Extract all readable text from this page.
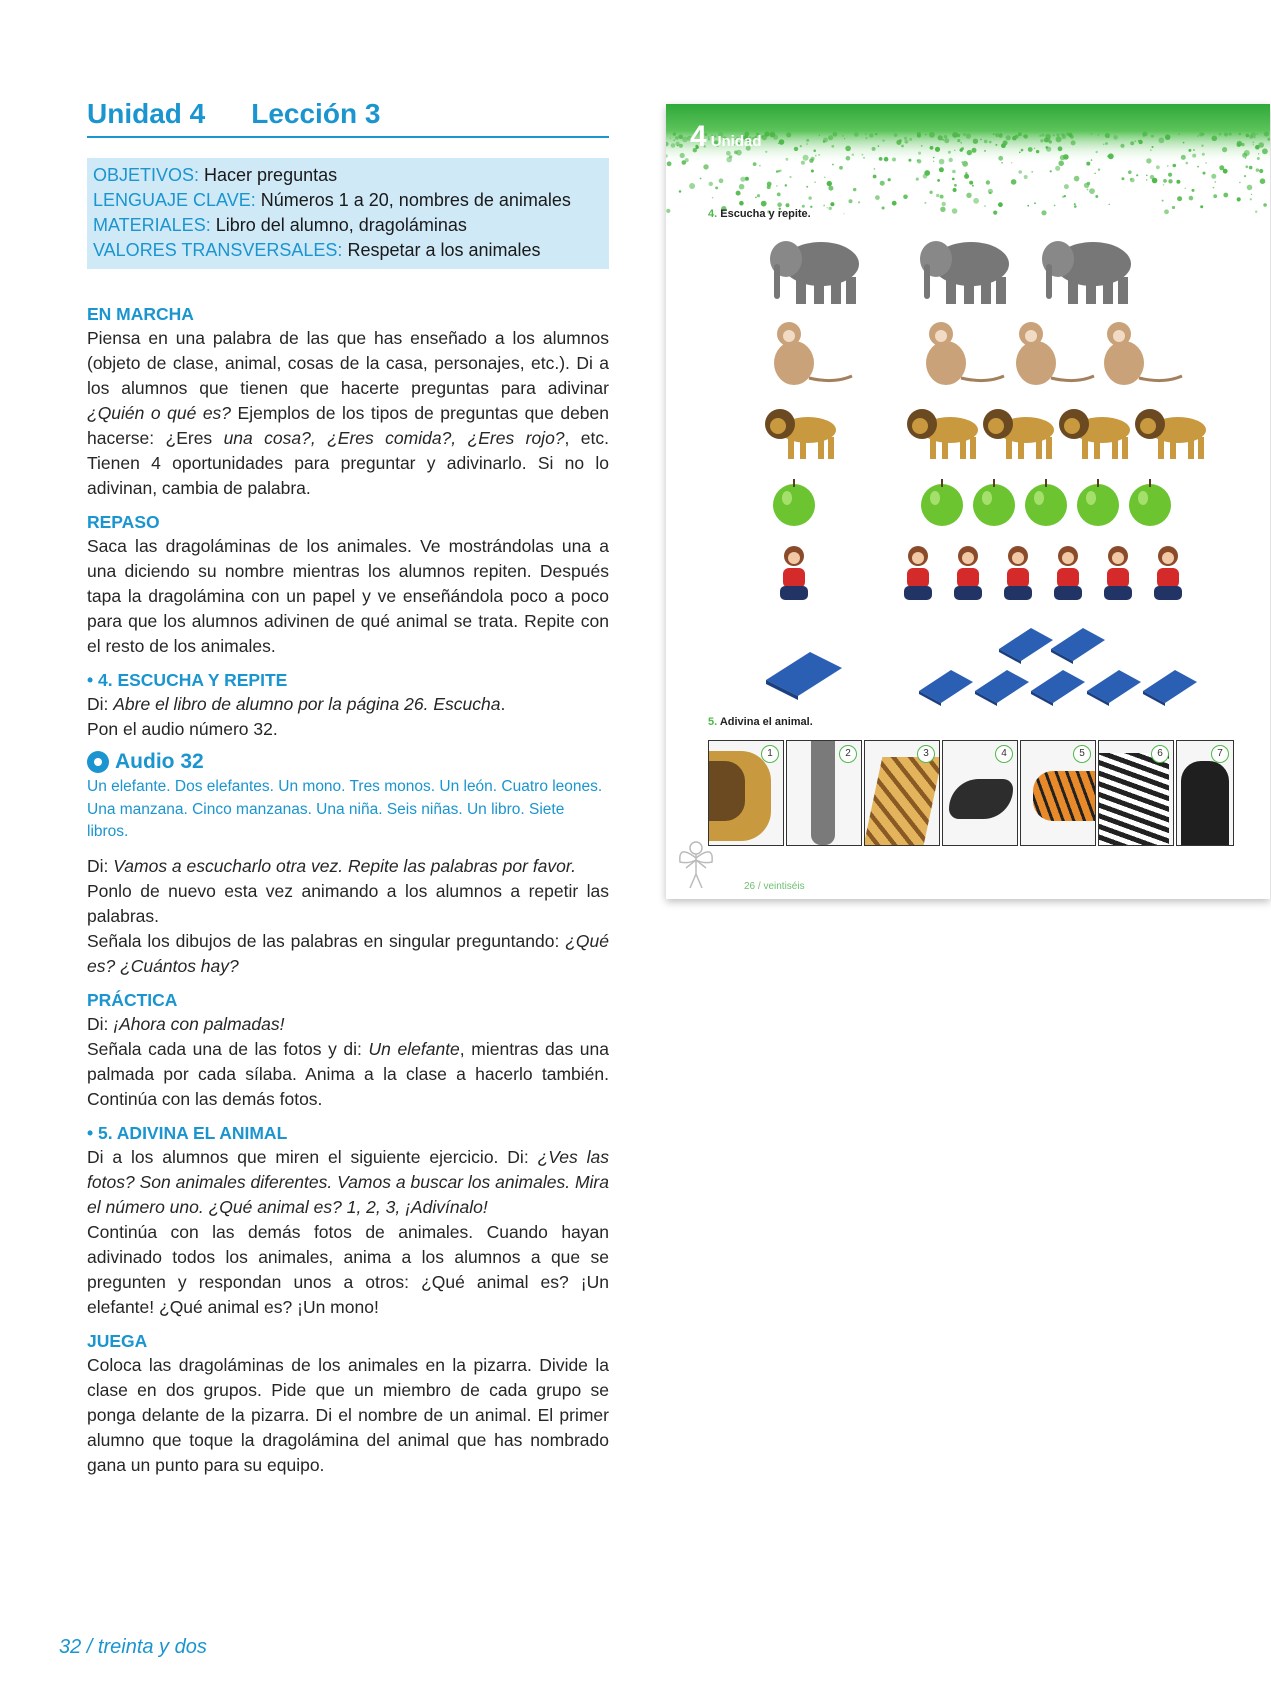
Unidad 4 Lección 3
OBJETIVOS: Hacer preguntas
LENGUAJE CLAVE: Números 1 a 20, nombres de animales
MATERIALES: Libro del alumno, dragoláminas
VALORES TRANSVERSALES: Respetar a los animales
EN MARCHA
Piensa en una palabra de las que has enseñado a los alumnos (objeto de clase, animal, cosas de la casa, personajes, etc.). Di a los alumnos que tienen que hacerte preguntas para adivinar ¿Quién o qué es? Ejemplos de los tipos de preguntas que deben hacerse: ¿Eres una cosa?, ¿Eres comida?, ¿Eres rojo?, etc. Tienen 4 oportunidades para preguntar y adivinarlo. Si no lo adivinan, cambia de palabra.
REPASO
Saca las dragoláminas de los animales. Ve mostrándolas una a una diciendo su nombre mientras los alumnos repiten. Después tapa la dragolámina con un papel y ve enseñándola poco a poco para que los alumnos adivinen de qué animal se trata. Repite con el resto de los animales.
• 4. ESCUCHA Y REPITE
Di: Abre el libro de alumno por la página 26. Escucha.
Pon el audio número 32.
Audio 32
Un elefante. Dos elefantes. Un mono. Tres monos. Un león. Cuatro leones. Una manzana. Cinco manzanas. Una niña. Seis niñas. Un libro. Siete libros.
Di: Vamos a escucharlo otra vez. Repite las palabras por favor.
Ponlo de nuevo esta vez animando a los alumnos a repetir las palabras.
Señala los dibujos de las palabras en singular preguntando: ¿Qué es? ¿Cuántos hay?
PRÁCTICA
Di: ¡Ahora con palmadas!
Señala cada una de las fotos y di: Un elefante, mientras das una palmada por cada sílaba. Anima a la clase a hacerlo también. Continúa con las demás fotos.
• 5. ADIVINA EL ANIMAL
Di a los alumnos que miren el siguiente ejercicio. Di: ¿Ves las fotos? Son animales diferentes. Vamos a buscar los animales. Mira el número uno. ¿Qué animal es? 1, 2, 3, ¡Adivínalo!
Continúa con las demás fotos de animales. Cuando hayan adivinado todos los animales, anima a los alumnos a que se pregunten y respondan unos a otros: ¿Qué animal es? ¡Un elefante! ¿Qué animal es? ¡Un mono!
JUEGA
Coloca las dragoláminas de los animales en la pizarra. Divide la clase en dos grupos. Pide que un miembro de cada grupo se ponga delante de la pizarra. Di el nombre de un animal. El primer alumno que toque la dragolámina del animal que has nombrado gana un punto para su equipo.
32 / treinta y dos
4 Unidad
4. Escucha y repite.
5. Adivina el animal.
1	2	3	4	5	6	7
26 / veintiséis
